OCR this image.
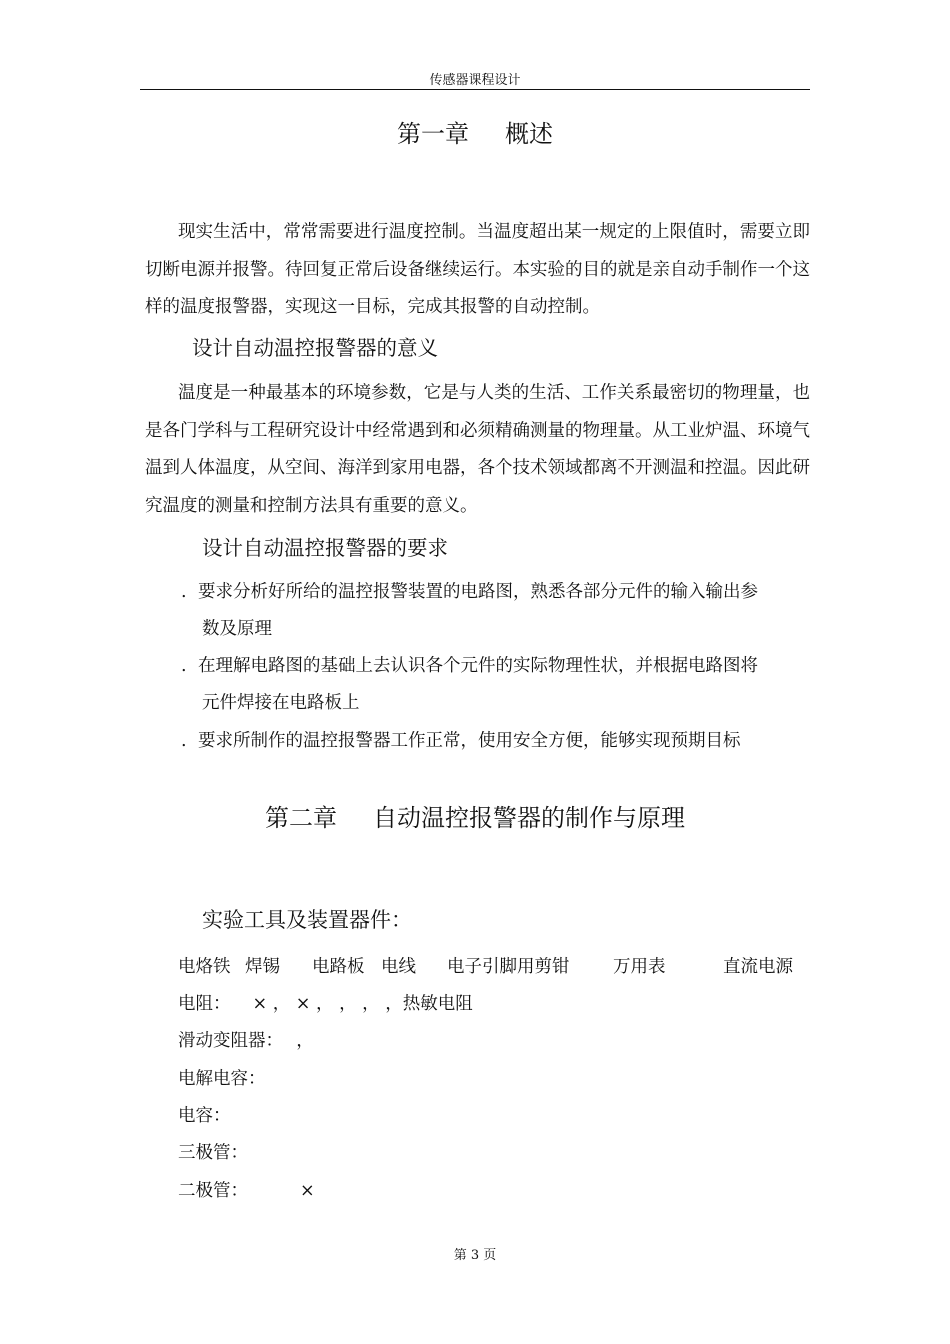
传感器课程设计
第一章 概述
现实生活中，常常需要进行温度控制。当温度超出某一规定的上限值时，需要立即切断电源并报警。待回复正常后设备继续运行。本实验的目的就是亲自动手制作一个这样的温度报警器，实现这一目标，完成其报警的自动控制。
设计自动温控报警器的意义
温度是一种最基本的环境参数，它是与人类的生活、工作关系最密切的物理量，也是各门学科与工程研究设计中经常遇到和必须精确测量的物理量。从工业炉温、环境气温到人体温度，从空间、海洋到家用电器，各个技术领域都离不开测温和控温。因此研究温度的测量和控制方法具有重要的意义。
设计自动温控报警器的要求
. 要求分析好所给的温控报警装置的电路图，熟悉各部分元件的输入输出参
数及原理
. 在理解电路图的基础上去认识各个元件的实际物理性状，并根据电路图将
元件焊接在电路板上
. 要求所制作的温控报警器工作正常，使用安全方便，能够实现预期目标
第二章 自动温控报警器的制作与原理
实验工具及装置器件：
电烙铁 焊锡 电路板 电线 电子引脚用剪钳 万用表	直流电源
电阻： × ， × ， ， ， ，热敏电阻
滑动变阻器： ，
电解电容：
电容：
三极管：
二极管：	×
第 3 页
